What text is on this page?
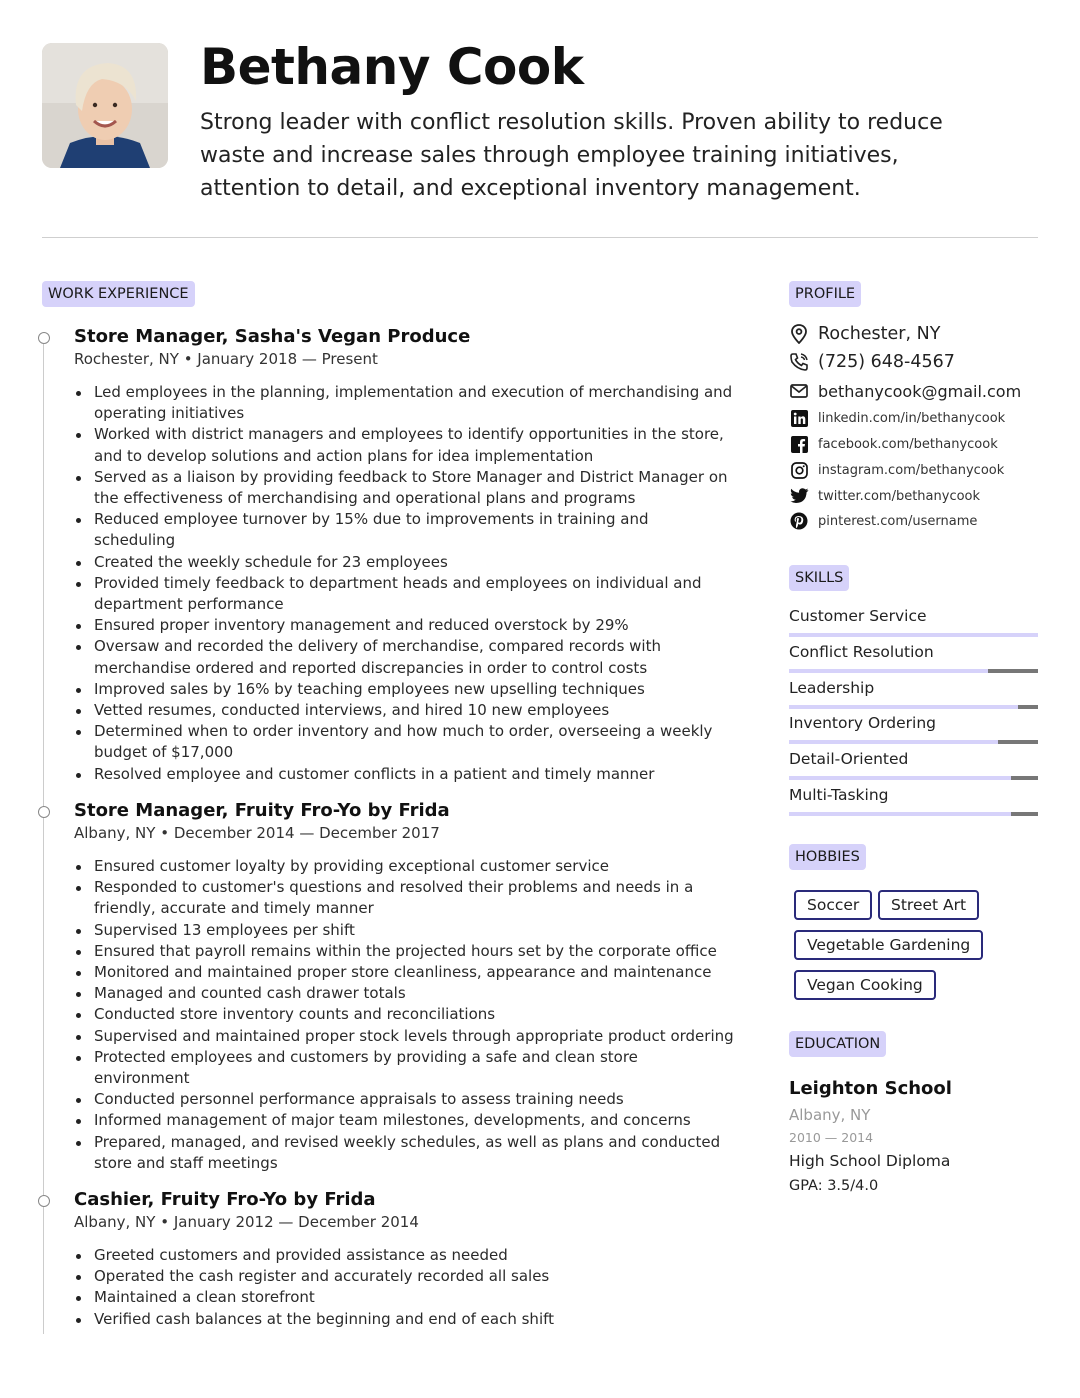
Bethany Cook

Strong leader with conflict resolution skills. Proven ability to reduce waste and increase sales through employee training initiatives, attention to detail, and exceptional inventory management.

WORK EXPERIENCE

Store Manager, Sasha's Vegan Produce

Rochester, NY • January 2018 — Present

Led employees in the planning, implementation and execution of merchandising and operating initiatives
Worked with district managers and employees to identify opportunities in the store, and to develop solutions and action plans for idea implementation
Served as a liaison by providing feedback to Store Manager and District Manager on the effectiveness of merchandising and operational plans and programs
Reduced employee turnover by 15% due to improvements in training and scheduling
Created the weekly schedule for 23 employees
Provided timely feedback to department heads and employees on individual and department performance
Ensured proper inventory management and reduced overstock by 29%
Oversaw and recorded the delivery of merchandise, compared records with merchandise ordered and reported discrepancies in order to control costs
Improved sales by 16% by teaching employees new upselling techniques
Vetted resumes, conducted interviews, and hired 10 new employees
Determined when to order inventory and how much to order, overseeing a weekly budget of $17,000
Resolved employee and customer conflicts in a patient and timely manner

Store Manager, Fruity Fro-Yo by Frida

Albany, NY • December 2014 — December 2017

Ensured customer loyalty by providing exceptional customer service
Responded to customer's questions and resolved their problems and needs in a friendly, accurate and timely manner
Supervised 13 employees per shift
Ensured that payroll remains within the projected hours set by the corporate office
Monitored and maintained proper store cleanliness, appearance and maintenance
Managed and counted cash drawer totals
Conducted store inventory counts and reconciliations
Supervised and maintained proper stock levels through appropriate product ordering
Protected employees and customers by providing a safe and clean store environment
Conducted personnel performance appraisals to assess training needs
Informed management of major team milestones, developments, and concerns
Prepared, managed, and revised weekly schedules, as well as plans and conducted store and staff meetings

Cashier, Fruity Fro-Yo by Frida

Albany, NY • January 2012 — December 2014

Greeted customers and provided assistance as needed
Operated the cash register and accurately recorded all sales
Maintained a clean storefront
Verified cash balances at the beginning and end of each shift
PROFILE
Rochester, NY
(725) 648-4567
bethanycook@gmail.com
linkedin.com/in/bethanycook
facebook.com/bethanycook
instagram.com/bethanycook
twitter.com/bethanycook
pinterest.com/username
SKILLS
Customer Service
Conflict Resolution
Leadership
Inventory Ordering
Detail-Oriented
Multi-Tasking
HOBBIES
Soccer	Street Art
Vegetable Gardening
Vegan Cooking
EDUCATION
Leighton School
Albany, NY
2010 — 2014
High School Diploma
GPA: 3.5/4.0
